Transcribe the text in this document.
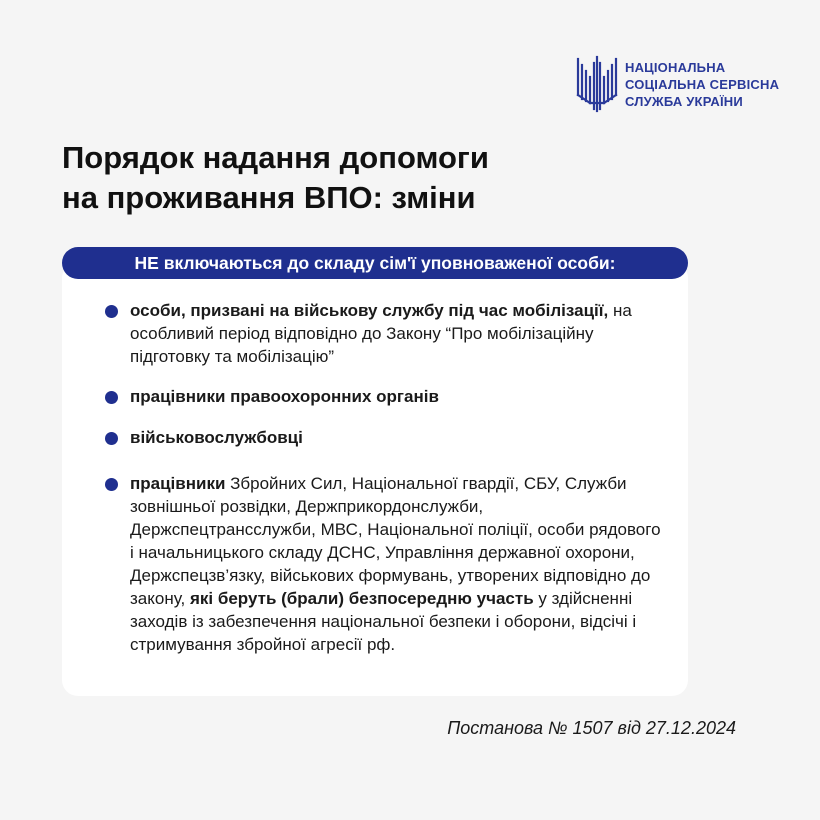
НАЦІОНАЛЬНА
СОЦІАЛЬНА СЕРВІСНА
СЛУЖБА УКРАЇНИ
Порядок надання допомоги
на проживання ВПО: зміни
особи, призвані на військову службу під час мобілізації, на особливий період відповідно до Закону “Про мобілізаційну підготовку та мобілізацію”
працівники правоохоронних органів
військовослужбовці
працівники Збройних Сил, Національної гвардії, СБУ, Служби зовнішньої розвідки, Держприкордонслужби, Держспецтрансслужби, МВС, Національної поліції, особи рядового і начальницького складу ДСНС, Управління державної охорони, Держспецзв’язку, військових формувань, утворених відповідно до закону, які беруть (брали) безпосередню участь у здійсненні заходів із забезпечення національної безпеки і оборони, відсічі і стримування збройної агресії рф.
НЕ включаються до складу сім'ї уповноваженої особи:
Постанова № 1507 від 27.12.2024
